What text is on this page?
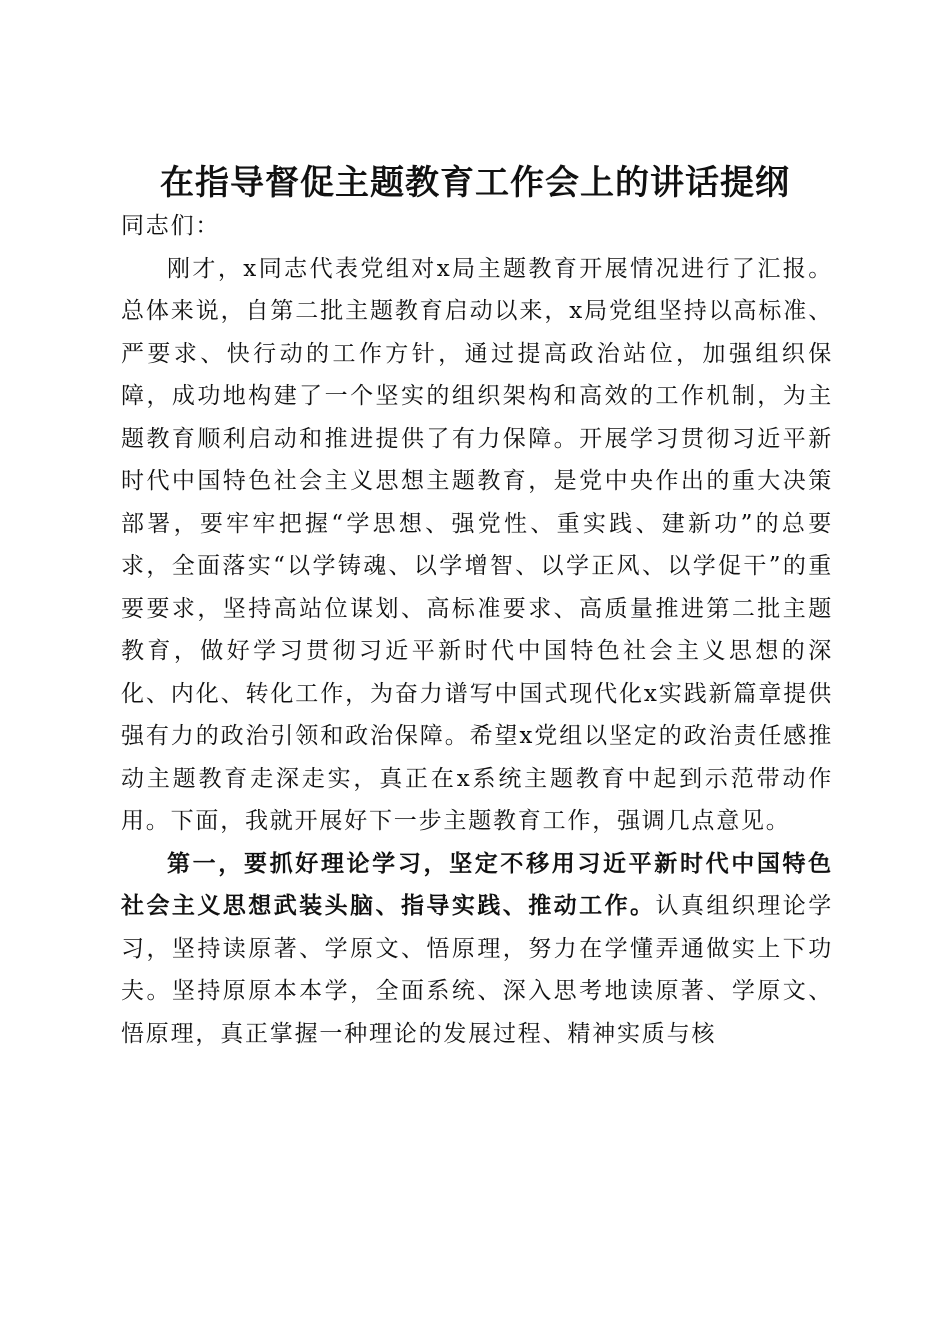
在指导督促主题教育工作会上的讲话提纲

同志们：

刚才，x同志代表党组对x局主题教育开展情况进行了汇报。总体来说，自第二批主题教育启动以来，x局党组坚持以高标准、严要求、快行动的工作方针，通过提高政治站位，加强组织保障，成功地构建了一个坚实的组织架构和高效的工作机制，为主题教育顺利启动和推进提供了有力保障。开展学习贯彻习近平新时代中国特色社会主义思想主题教育，是党中央作出的重大决策部署，要牢牢把握“学思想、强党性、重实践、建新功”的总要求，全面落实“以学铸魂、以学增智、以学正风、以学促干”的重要要求，坚持高站位谋划、高标准要求、高质量推进第二批主题教育，做好学习贯彻习近平新时代中国特色社会主义思想的深化、内化、转化工作，为奋力谱写中国式现代化x实践新篇章提供强有力的政治引领和政治保障。希望x党组以坚定的政治责任感推动主题教育走深走实，真正在x系统主题教育中起到示范带动作用。下面，我就开展好下一步主题教育工作，强调几点意见。

第一，要抓好理论学习，坚定不移用习近平新时代中国特色社会主义思想武装头脑、指导实践、推动工作。认真组织理论学习，坚持读原著、学原文、悟原理，努力在学懂弄通做实上下功夫。坚持原原本本学，全面系统、深入思考地读原著、学原文、悟原理，真正掌握一种理论的发展过程、精神实质与核
